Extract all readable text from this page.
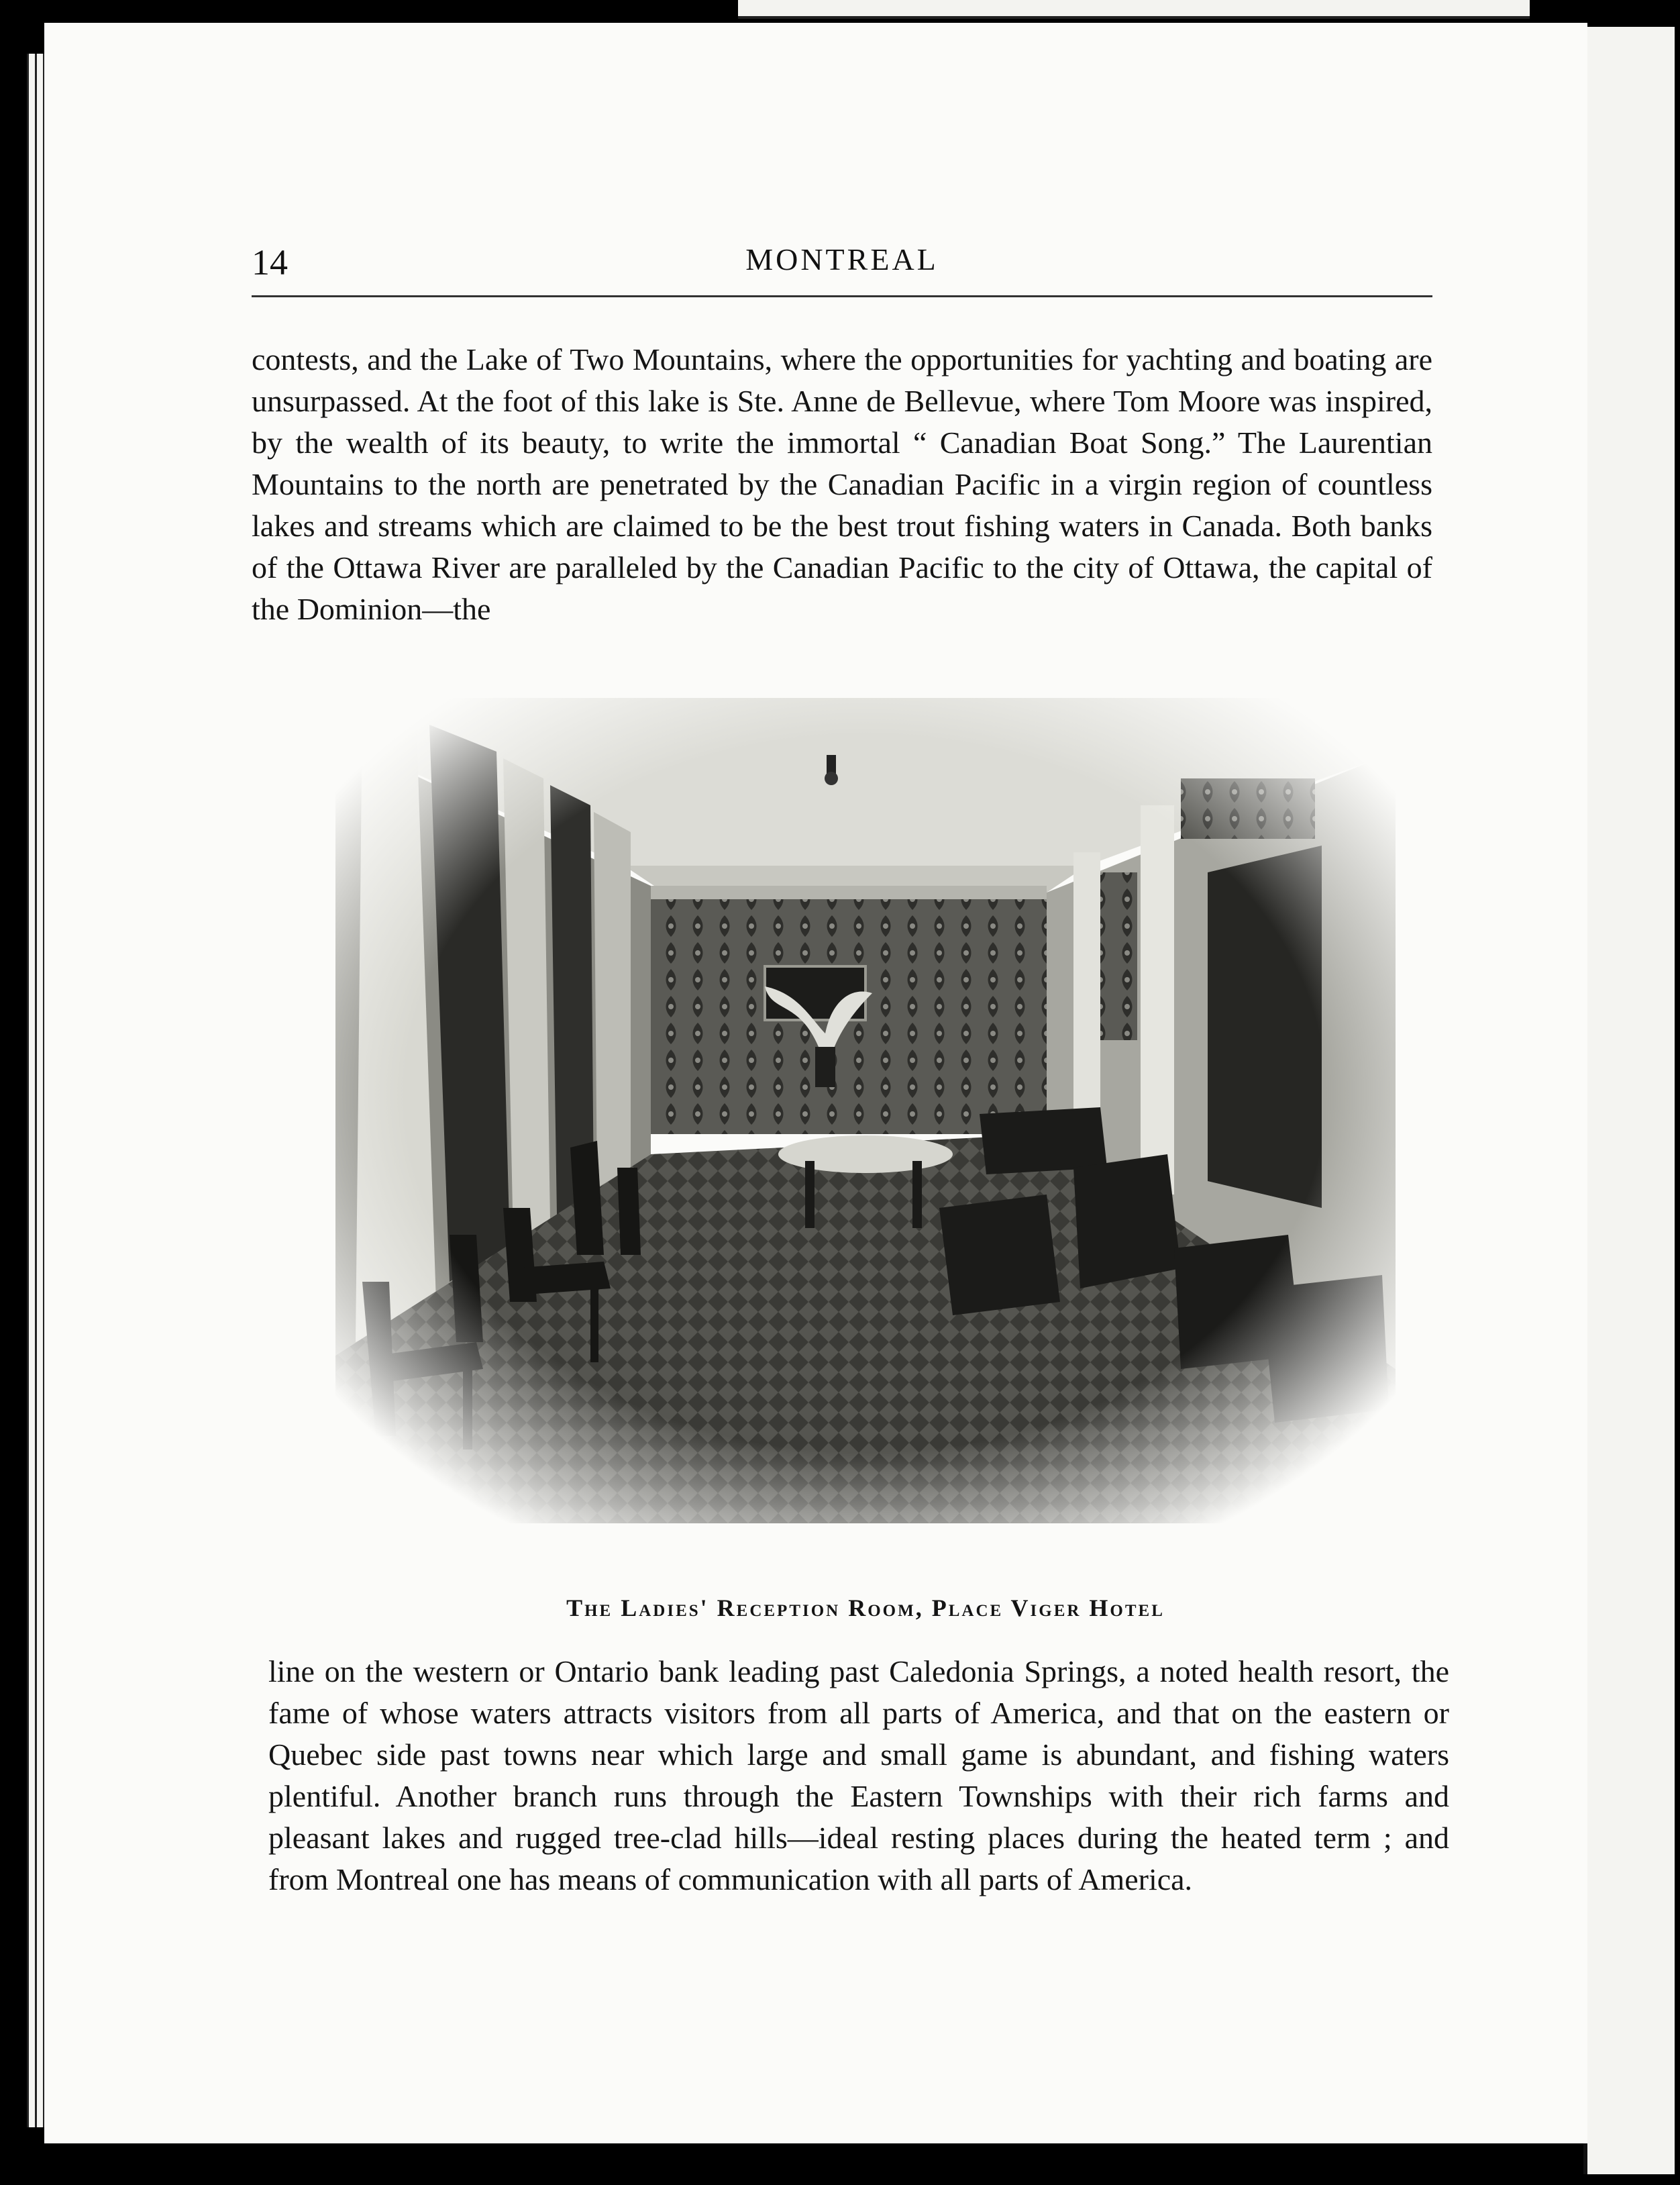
14	MONTREAL

contests, and the Lake of Two Mountains, where the opportunities for yachting and boating are unsurpassed. At the foot of this lake is Ste. Anne de Bellevue, where Tom Moore was inspired, by the wealth of its beauty, to write the immortal “ Canadian Boat Song.” The Laurentian Mountains to the north are penetrated by the Canadian Pacific in a virgin region of countless lakes and streams which are claimed to be the best trout fishing waters in Canada. Both banks of the Ottawa River are paralleled by the Canadian Pacific to the city of Ottawa, the capital of the Dominion—the

The Ladies' Reception Room, Place Viger Hotel

line on the western or Ontario bank leading past Caledonia Springs, a noted health resort, the fame of whose waters attracts visitors from all parts of America, and that on the eastern or Quebec side past towns near which large and small game is abundant, and fishing waters plentiful. Another branch runs through the Eastern Townships with their rich farms and pleasant lakes and rugged tree-clad hills—ideal resting places during the heated term ; and from Montreal one has means of communication with all parts of America.
